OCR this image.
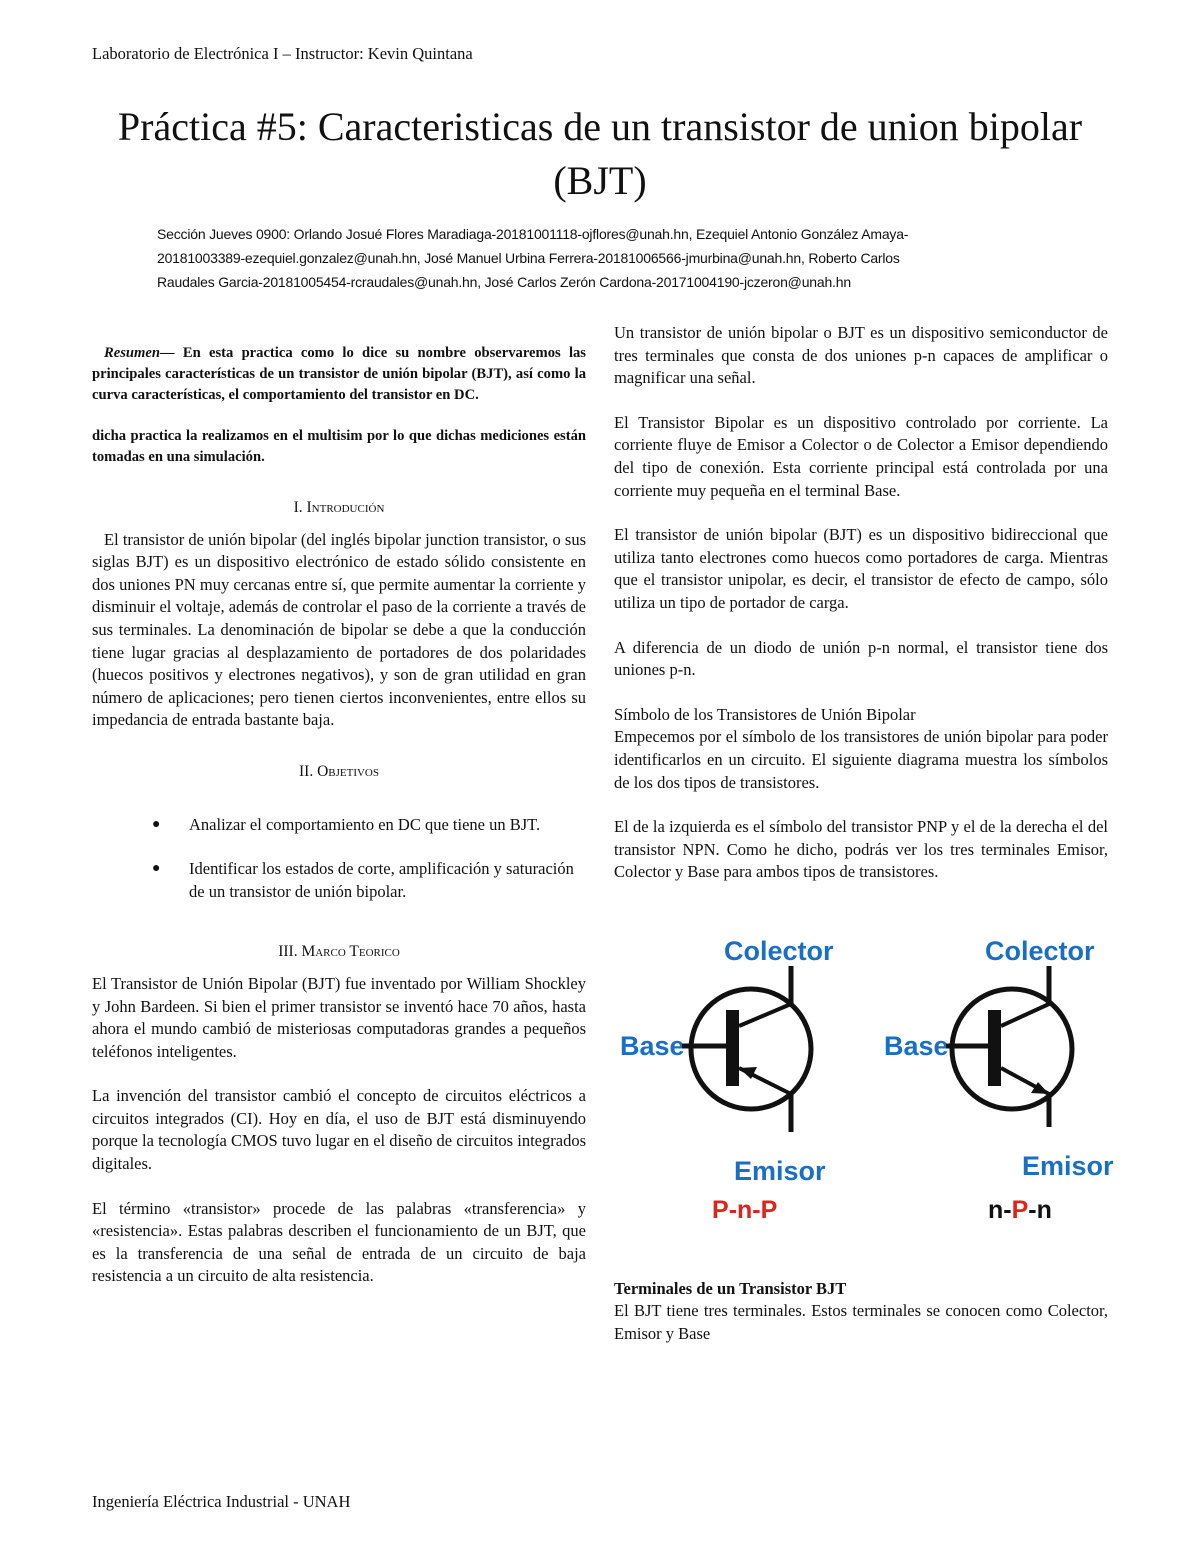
Laboratorio de Electrónica I – Instructor: Kevin Quintana
Práctica #5: Caracteristicas de un transistor de union bipolar (BJT)
Sección Jueves 0900: Orlando Josué Flores Maradiaga-20181001118-ojflores@unah.hn, Ezequiel Antonio González Amaya-
20181003389-ezequiel.gonzalez@unah.hn, José Manuel Urbina Ferrera-20181006566-jmurbina@unah.hn, Roberto Carlos
Raudales Garcia-20181005454-rcraudales@unah.hn, José Carlos Zerón Cardona-20171004190-jczeron@unah.hn

Resumen— En esta practica como lo dice su nombre observaremos las principales características de un transistor de unión bipolar (BJT), así como la curva características, el comportamiento del transistor en DC.

dicha practica la realizamos en el multisim por lo que dichas mediciones están tomadas en una simulación.

I. Introdución

El transistor de unión bipolar (del inglés bipolar junction transistor, o sus siglas BJT) es un dispositivo electrónico de estado sólido consistente en dos uniones PN muy cercanas entre sí, que permite aumentar la corriente y disminuir el voltaje, además de controlar el paso de la corriente a través de sus terminales. La denominación de bipolar se debe a que la conducción tiene lugar gracias al desplazamiento de portadores de dos polaridades (huecos positivos y electrones negativos), y son de gran utilidad en gran número de aplicaciones; pero tienen ciertos inconvenientes, entre ellos su impedancia de entrada bastante baja.

II. Objetivos

● Analizar el comportamiento en DC que tiene un BJT.
● Identificar los estados de corte, amplificación y saturación de un transistor de unión bipolar.

III. Marco Teorico

El Transistor de Unión Bipolar (BJT) fue inventado por William Shockley y John Bardeen. Si bien el primer transistor se inventó hace 70 años, hasta ahora el mundo cambió de misteriosas computadoras grandes a pequeños teléfonos inteligentes.

La invención del transistor cambió el concepto de circuitos eléctricos a circuitos integrados (CI). Hoy en día, el uso de BJT está disminuyendo porque la tecnología CMOS tuvo lugar en el diseño de circuitos integrados digitales.

El término «transistor» procede de las palabras «transferencia» y «resistencia». Estas palabras describen el funcionamiento de un BJT, que es la transferencia de una señal de entrada de un circuito de baja resistencia a un circuito de alta resistencia.

Un transistor de unión bipolar o BJT es un dispositivo semiconductor de tres terminales que consta de dos uniones p-n capaces de amplificar o magnificar una señal.

El Transistor Bipolar es un dispositivo controlado por corriente. La corriente fluye de Emisor a Colector o de Colector a Emisor dependiendo del tipo de conexión. Esta corriente principal está controlada por una corriente muy pequeña en el terminal Base.

El transistor de unión bipolar (BJT) es un dispositivo bidireccional que utiliza tanto electrones como huecos como portadores de carga. Mientras que el transistor unipolar, es decir, el transistor de efecto de campo, sólo utiliza un tipo de portador de carga.

A diferencia de un diodo de unión p-n normal, el transistor tiene dos uniones p-n.

Símbolo de los Transistores de Unión Bipolar

Empecemos por el símbolo de los transistores de unión bipolar para poder identificarlos en un circuito. El siguiente diagrama muestra los símbolos de los dos tipos de transistores.

El de la izquierda es el símbolo del transistor PNP y el de la derecha el del transistor NPN. Como he dicho, podrás ver los tres terminales Emisor, Colector y Base para ambos tipos de transistores.

Colector
Base
Emisor
P-n-P
Colector
Base
Emisor
n-P-n

Terminales de un Transistor BJT

El BJT tiene tres terminales. Estos terminales se conocen como Colector, Emisor y Base

Ingeniería Eléctrica Industrial - UNAH
